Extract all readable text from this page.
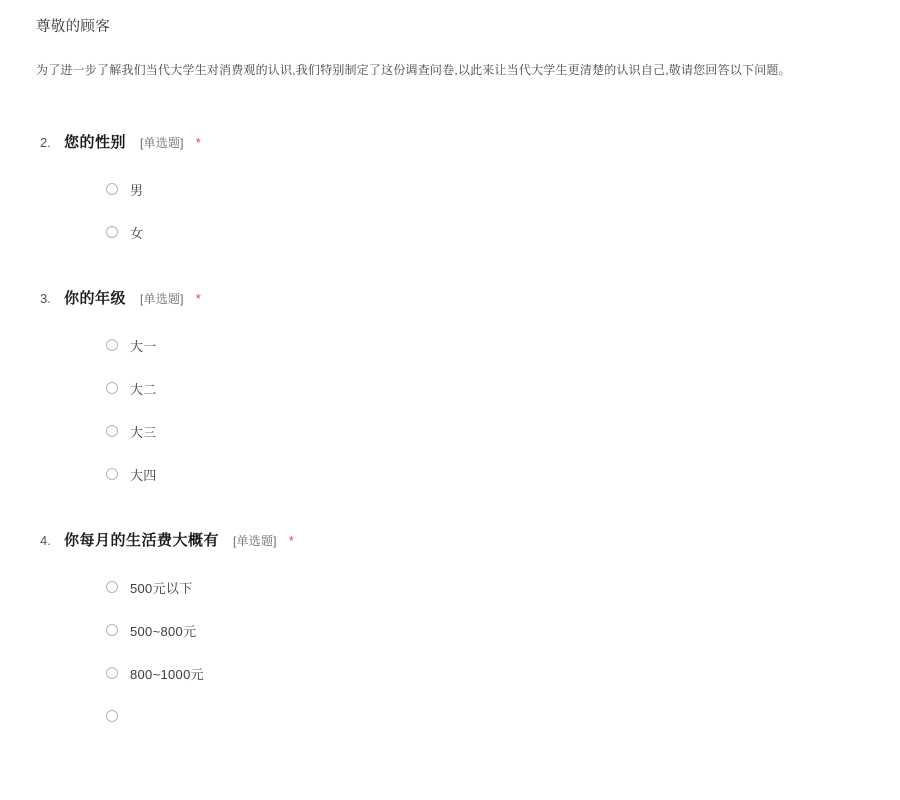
尊敬的顾客
为了进一步了解我们当代大学生对消费观的认识,我们特别制定了这份调查问卷,以此来让当代大学生更清楚的认识自己,敬请您回答以下问题。
2. 您的性别 [单选题] *
男
女
3. 你的年级 [单选题] *
大一
大二
大三
大四
4. 你每月的生活费大概有 [单选题] *
500元以下
500~800元
800~1000元
